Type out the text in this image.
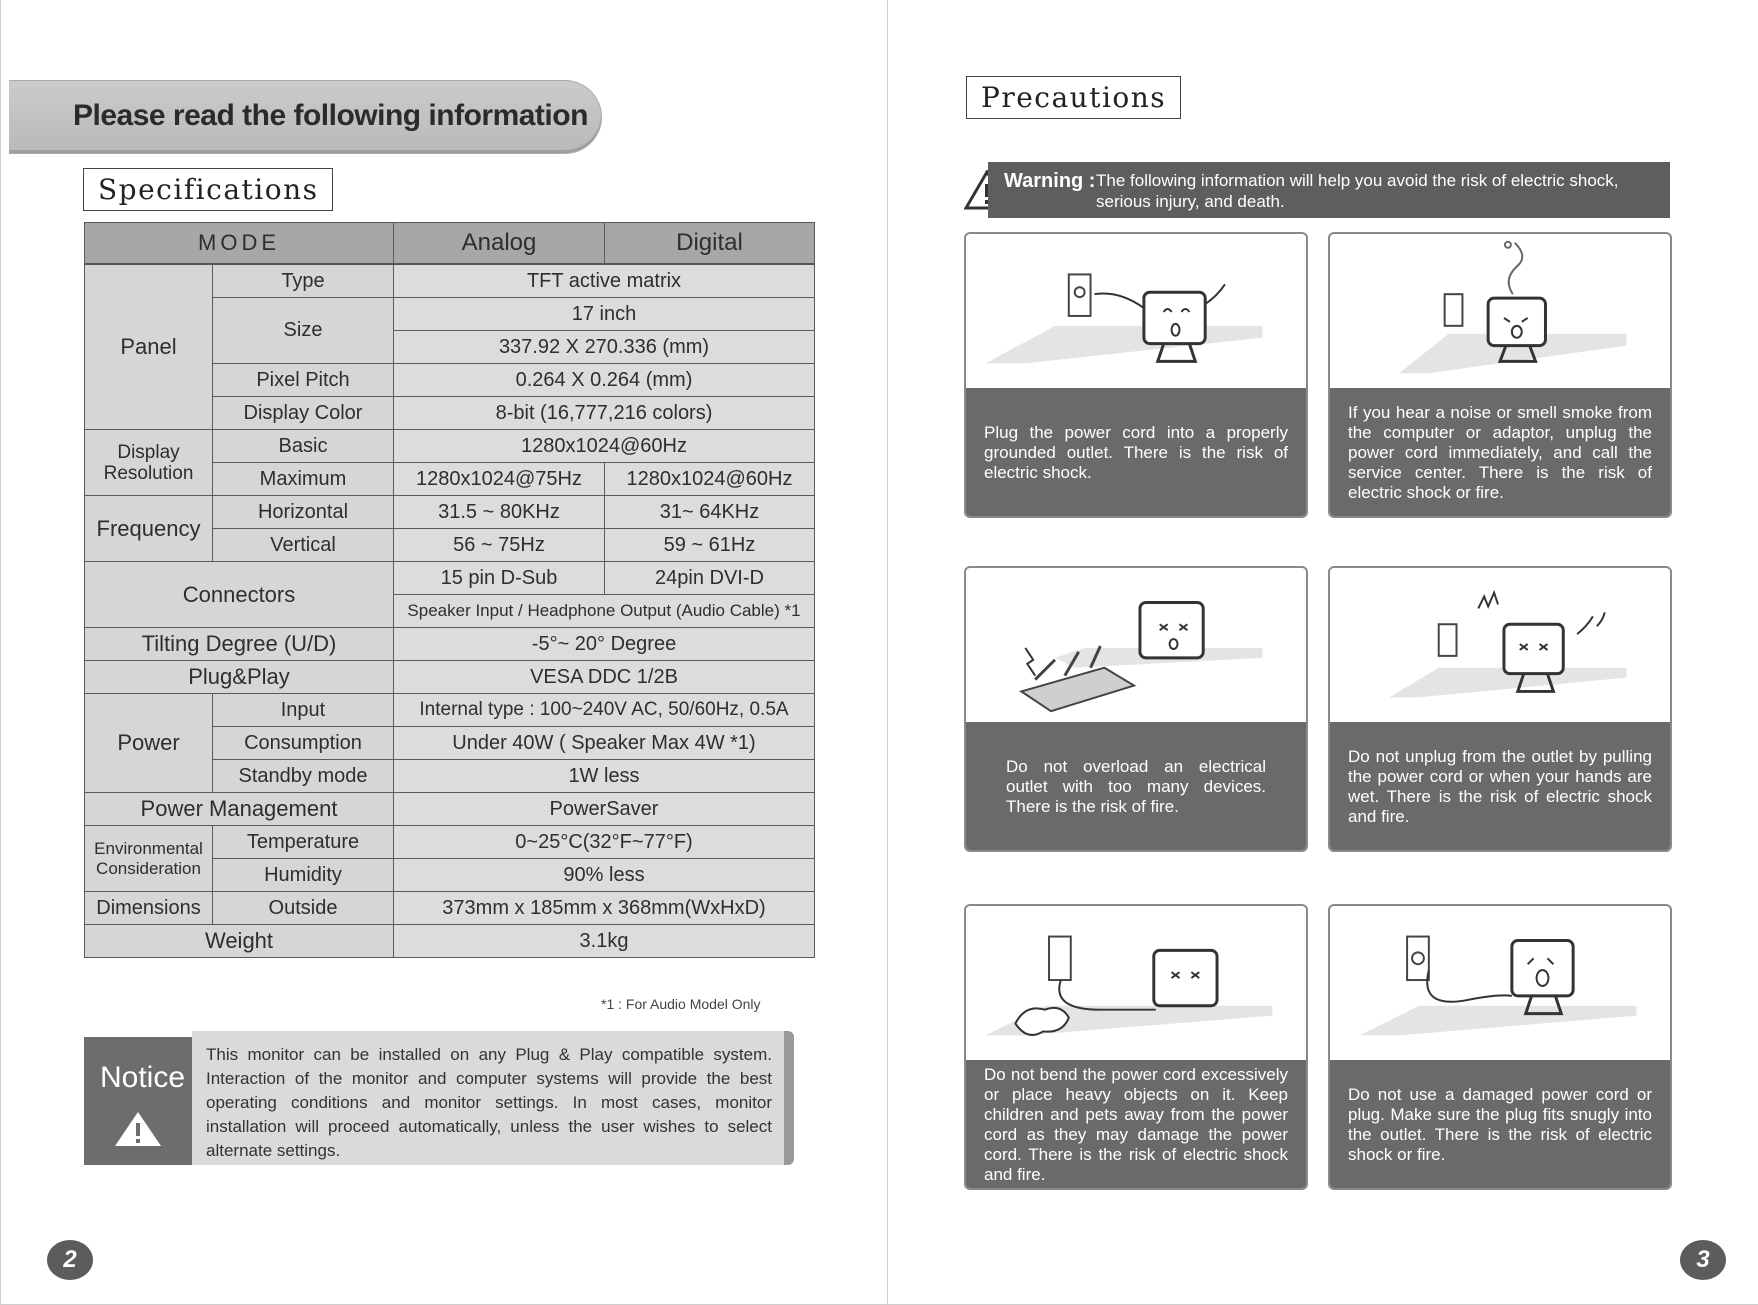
Please read the following information
Specifications
MODE		Analog	Digital
Panel	Type	TFT active matrix	
	Size	17 inch	
		337.92 X 270.336 (mm)	
	Pixel Pitch	0.264 X 0.264 (mm)	
	Display Color	8-bit (16,777,216 colors)	
Display
Resolution	Basic	1280x1024@60Hz	
	Maximum	1280x1024@75Hz	1280x1024@60Hz
Frequency	Horizontal	31.5 ~ 80KHz	31~ 64KHz
	Vertical	56 ~ 75Hz	59 ~ 61Hz
Connectors		15 pin D-Sub	24pin DVI-D
		Speaker Input / Headphone Output (Audio Cable) *1	
Tilting Degree (U/D)		-5°~ 20° Degree	
Plug&Play		VESA DDC 1/2B	
Power	Input	Internal type : 100~240V AC, 50/60Hz, 0.5A	
	Consumption	Under 40W ( Speaker Max 4W *1)	
	Standby mode	1W less	
Power Management		PowerSaver	
Environmental
Consideration	Temperature	0~25°C(32°F~77°F)	
	Humidity	90% less	
Dimensions	Outside	373mm x 185mm x 368mm(WxHxD)	
Weight		3.1kg	
*1 : For Audio Model Only
Notice
This monitor can be installed on any Plug & Play compatible system. Interaction of the monitor and computer systems will provide the best operating conditions and monitor settings. In most cases, monitor installation will proceed automatically, unless the user wishes to select alternate settings.
2
Precautions
Warning : The following information will help you avoid the risk of electric shock, serious injury, and death.
Plug the power cord into a properly grounded outlet. There is the risk of electric shock.
If you hear a noise or smell smoke from the computer or adaptor, unplug the power cord immediately, and call the service center. There is the risk of electric shock or fire.
Do not overload an electrical outlet with too many devices. There is the risk of fire.
Do not unplug from the outlet by pulling the power cord or when your hands are wet. There is the risk of electric shock and fire.
Do not bend the power cord excessively or place heavy objects on it. Keep children and pets away from the power cord as they may damage the power cord. There is the risk of electric shock and fire.
Do not use a damaged power cord or plug. Make sure the plug fits snugly into the outlet. There is the risk of electric shock or fire.
3
